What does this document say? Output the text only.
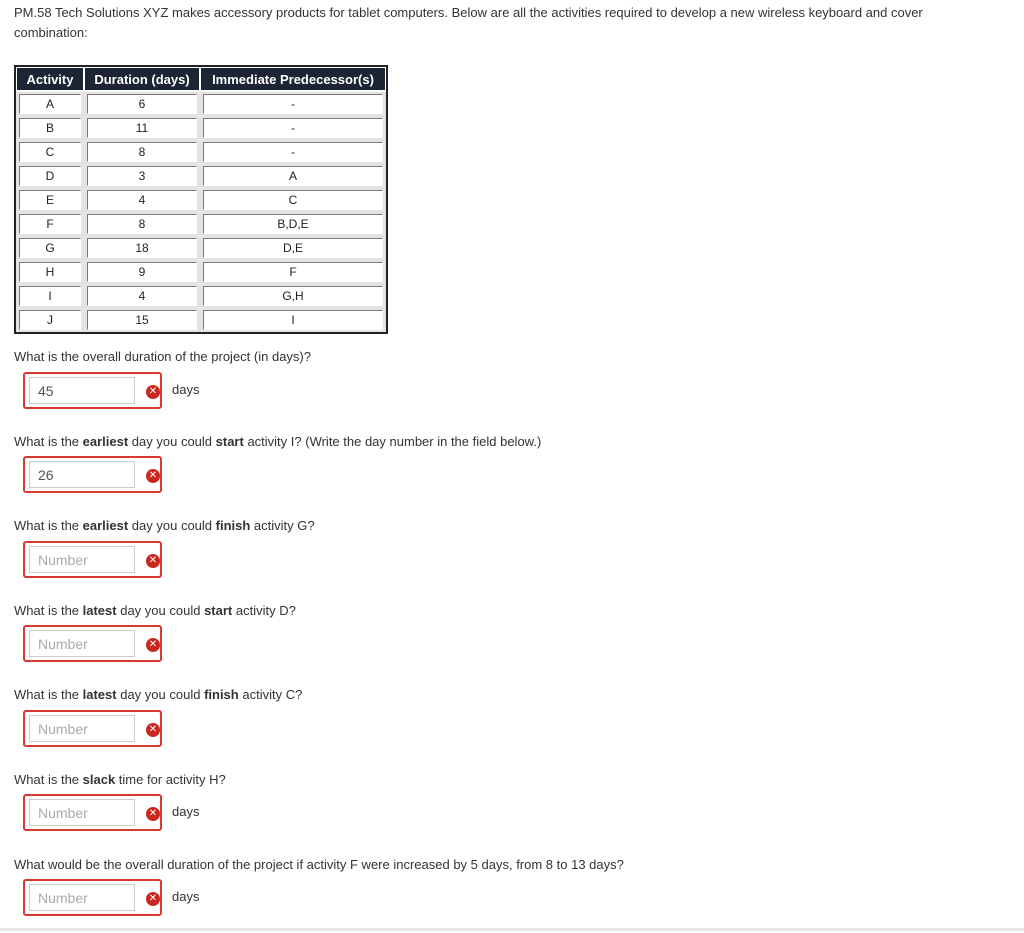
PM.58 Tech Solutions XYZ makes accessory products for tablet computers. Below are all the activities required to develop a new wireless keyboard and cover combination:
Activity	Duration (days)	Immediate Predecessor(s)

A	6	-

B	11	-

C	8	-

D	3	A

E	4	C

F	8	B,D,E

G	18	D,E

H	9	F

I	4	G,H

J	15	I
What is the overall duration of the project (in days)?
45
✕ days
What is the earliest day you could start activity I? (Write the day number in the field below.)
26
✕
What is the earliest day you could finish activity G?
Number
✕
What is the latest day you could start activity D?
Number
✕
What is the latest day you could finish activity C?
Number
✕
What is the slack time for activity H?
Number
✕ days
What would be the overall duration of the project if activity F were increased by 5 days, from 8 to 13 days?
Number
✕ days
